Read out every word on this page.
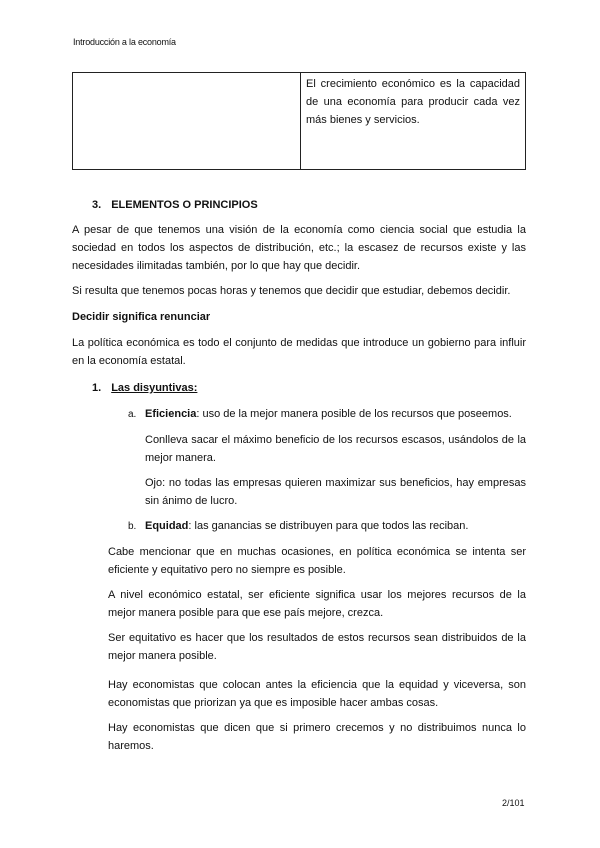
Introducción a la economía
El crecimiento económico es la capacidad de una economía para producir cada vez más bienes y servicios.
3. ELEMENTOS O PRINCIPIOS
A pesar de que tenemos una visión de la economía como ciencia social que estudia la sociedad en todos los aspectos de distribución, etc.; la escasez de recursos existe y las necesidades ilimitadas también, por lo que hay que decidir.
Si resulta que tenemos pocas horas y tenemos que decidir que estudiar, debemos decidir.
Decidir significa renunciar
La política económica es todo el conjunto de medidas que introduce un gobierno para influir en la economía estatal.
1. Las disyuntivas:
a. Eficiencia: uso de la mejor manera posible de los recursos que poseemos.
Conlleva sacar el máximo beneficio de los recursos escasos, usándolos de la mejor manera.
Ojo: no todas las empresas quieren maximizar sus beneficios, hay empresas sin ánimo de lucro.
b. Equidad: las ganancias se distribuyen para que todos las reciban.
Cabe mencionar que en muchas ocasiones, en política económica se intenta ser eficiente y equitativo pero no siempre es posible.
A nivel económico estatal, ser eficiente significa usar los mejores recursos de la mejor manera posible para que ese país mejore, crezca.
Ser equitativo es hacer que los resultados de estos recursos sean distribuidos de la mejor manera posible.
Hay economistas que colocan antes la eficiencia que la equidad y viceversa, son economistas que priorizan ya que es imposible hacer ambas cosas.
Hay economistas que dicen que si primero crecemos y no distribuimos nunca lo haremos.
2/101
